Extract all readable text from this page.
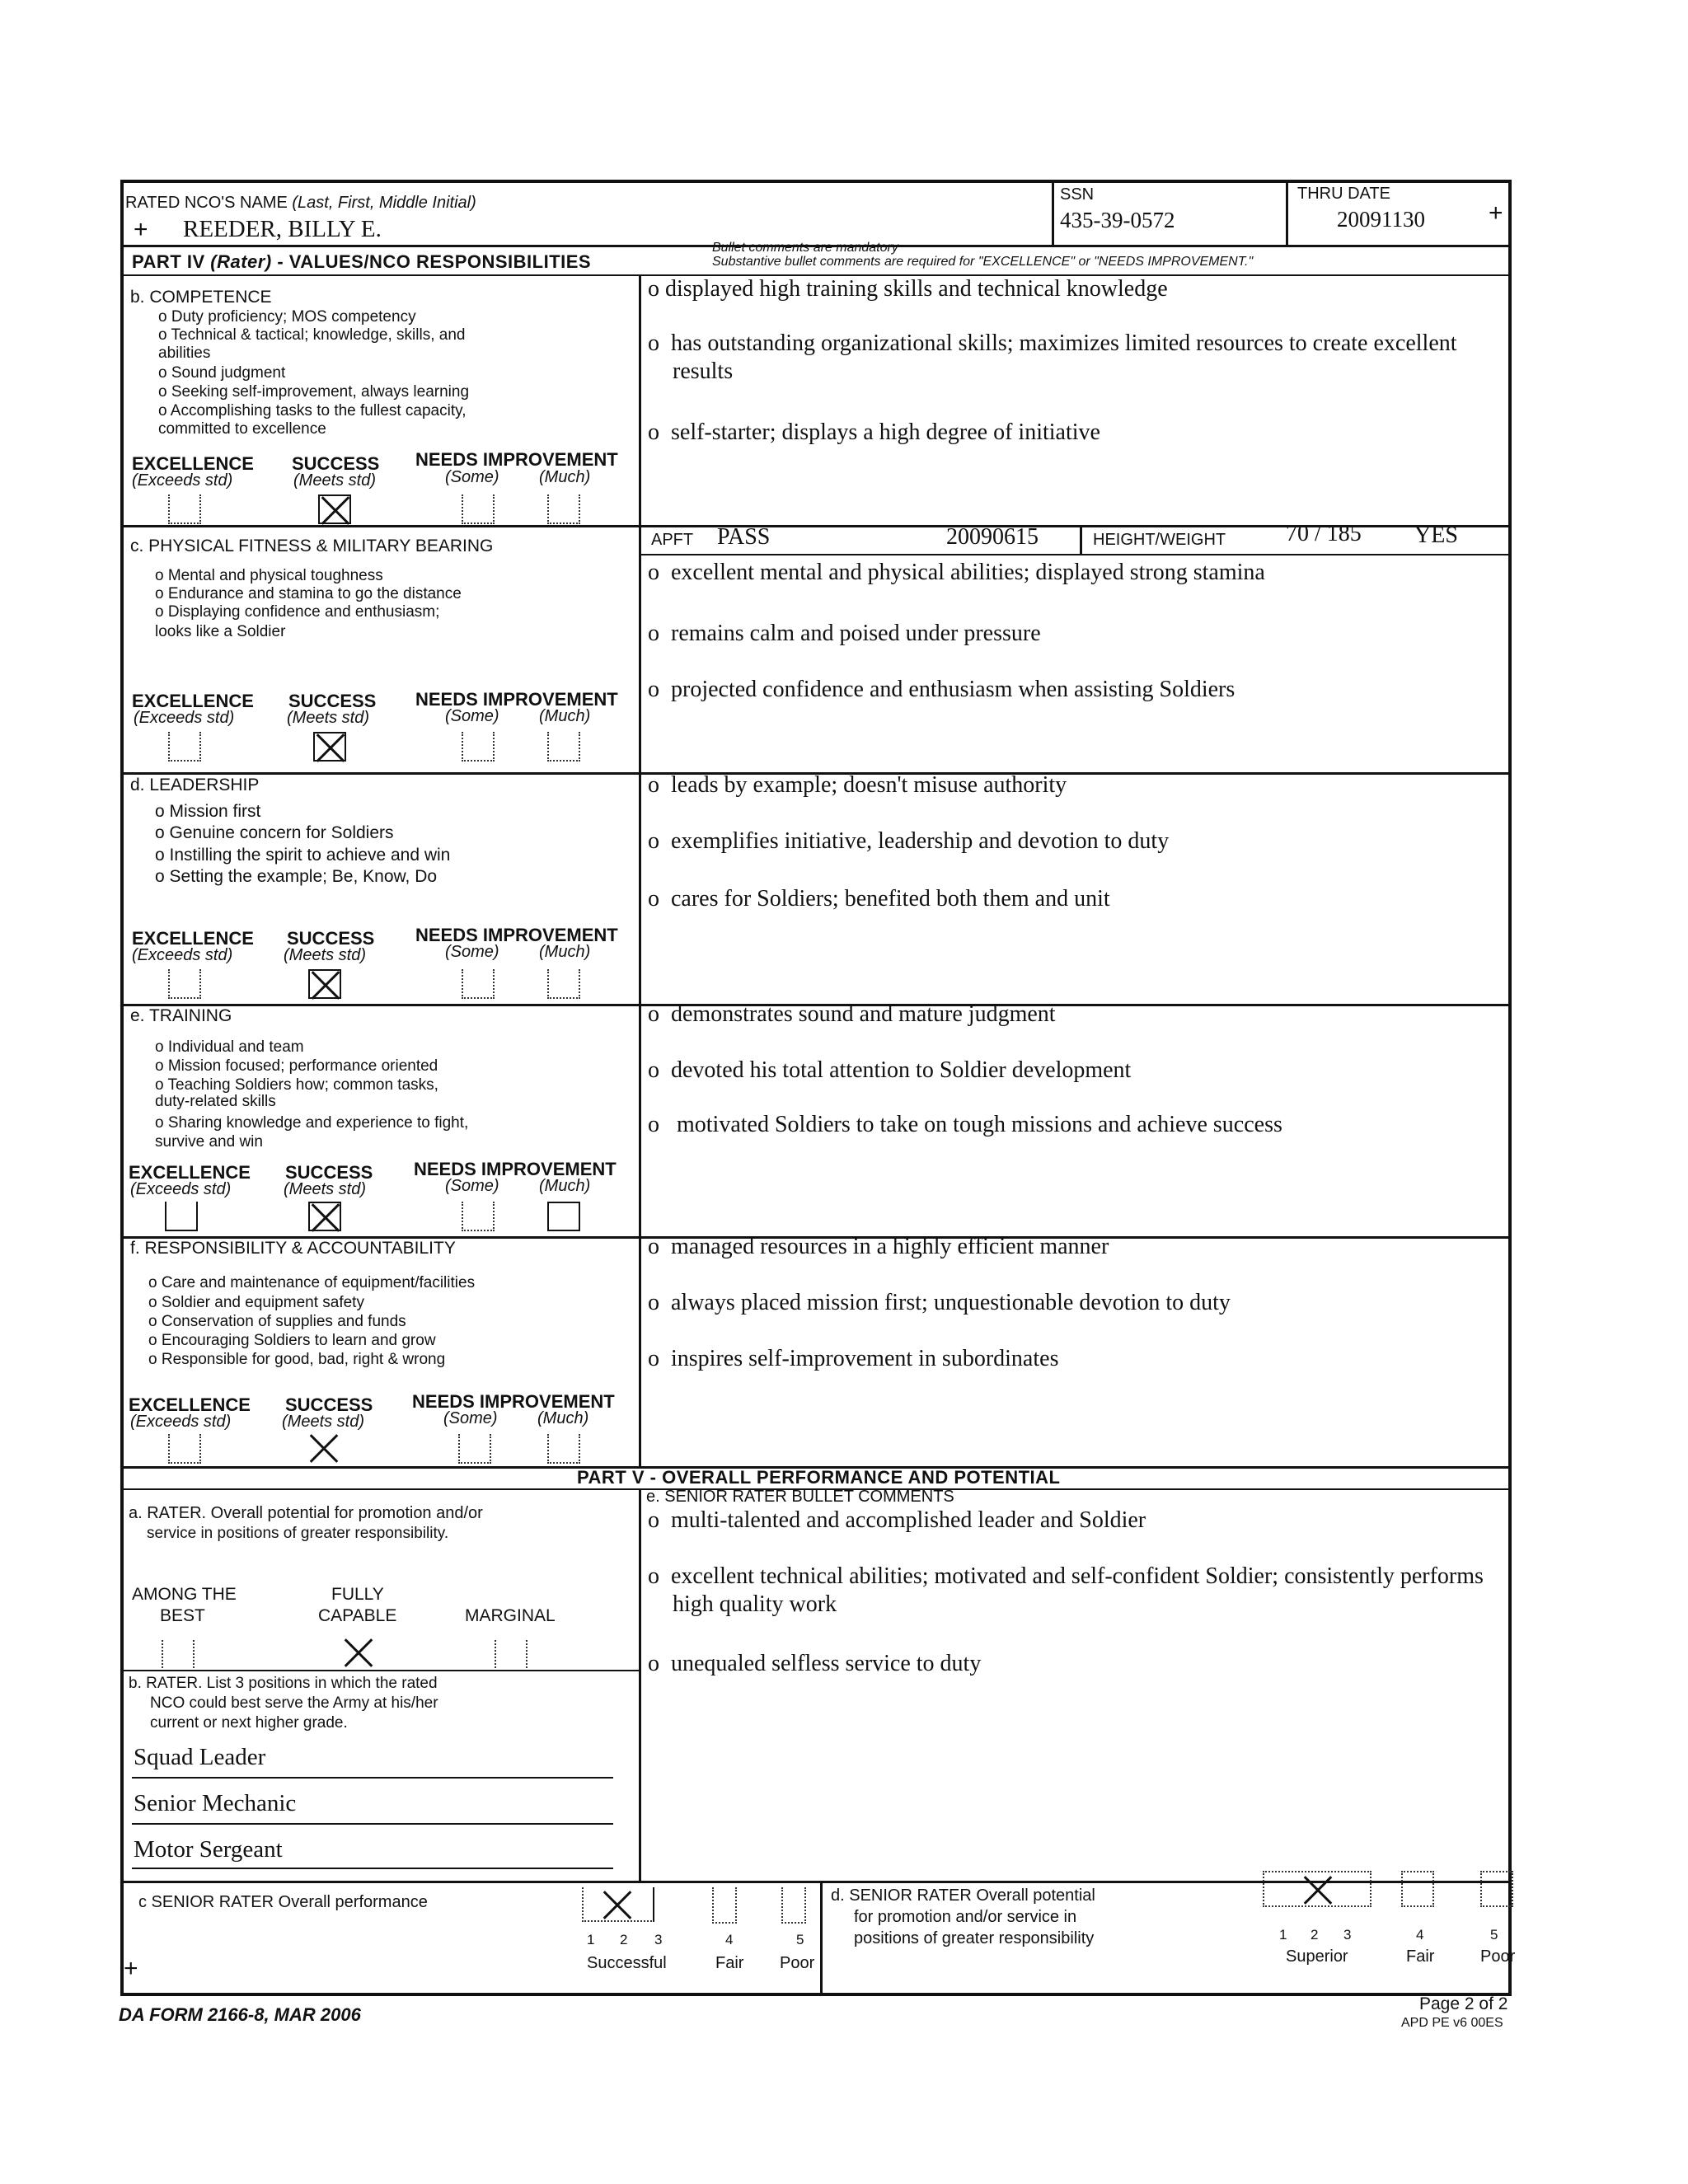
RATED NCO'S NAME (Last, First, Middle Initial)
+ REEDER, BILLY E.
SSN
435-39-0572
THRU DATE
20091130	+
PART IV (Rater) - VALUES/NCO RESPONSIBILITIES
Bullet comments are mandatory
Substantive bullet comments are required for "EXCELLENCE" or "NEEDS IMPROVEMENT."
b. COMPETENCE
o Duty proficiency; MOS competency
o Technical & tactical; knowledge, skills, and
abilities
o Sound judgment
o Seeking self-improvement, always learning
o Accomplishing tasks to the fullest capacity,
committed to excellence
EXCELLENCE
(Exceeds std)
SUCCESS
(Meets std)
NEEDS IMPROVEMENT
(Some) (Much)
o displayed high training skills and technical knowledge
o  has outstanding organizational skills; maximizes limited resources to create excellent results
o  self-starter; displays a high degree of initiative
c. PHYSICAL FITNESS & MILITARY BEARING
o Mental and physical toughness
o Endurance and stamina to go the distance
o Displaying confidence and enthusiasm;
looks like a Soldier
EXCELLENCE
(Exceeds std)
SUCCESS
(Meets std)
NEEDS IMPROVEMENT
(Some) (Much)
APFT PASS	20090615	HEIGHT/WEIGHT	70 / 185 YES
o  excellent mental and physical abilities; displayed strong stamina
o  remains calm and poised under pressure
o  projected confidence and enthusiasm when assisting Soldiers
d. LEADERSHIP
o Mission first
o Genuine concern for Soldiers
o Instilling the spirit to achieve and win
o Setting the example; Be, Know, Do
EXCELLENCE
(Exceeds std)
SUCCESS
(Meets std)
NEEDS IMPROVEMENT
(Some) (Much)
o  leads by example; doesn't misuse authority
o  exemplifies initiative, leadership and devotion to duty
o  cares for Soldiers; benefited both them and unit
e. TRAINING
o Individual and team
o Mission focused; performance oriented
o Teaching Soldiers how; common tasks,
duty-related skills
o Sharing knowledge and experience to fight,
survive and win
EXCELLENCE
(Exceeds std)
SUCCESS
(Meets std)
NEEDS IMPROVEMENT
(Some) (Much)
o  demonstrates sound and mature judgment
o  devoted his total attention to Soldier development
o   motivated Soldiers to take on tough missions and achieve success
f. RESPONSIBILITY & ACCOUNTABILITY
o Care and maintenance of equipment/facilities
o Soldier and equipment safety
o Conservation of supplies and funds
o Encouraging Soldiers to learn and grow
o Responsible for good, bad, right & wrong
EXCELLENCE
(Exceeds std)
SUCCESS
(Meets std)
NEEDS IMPROVEMENT
(Some) (Much)
o  managed resources in a highly efficient manner
o  always placed mission first; unquestionable devotion to duty
o  inspires self-improvement in subordinates
PART V - OVERALL PERFORMANCE AND POTENTIAL
a. RATER. Overall potential for promotion and/or
service in positions of greater responsibility.
AMONG THE
BEST
FULLY
CAPABLE	MARGINAL
b. RATER. List 3 positions in which the rated
NCO could best serve the Army at his/her
current or next higher grade.
Squad Leader
Senior Mechanic
Motor Sergeant
e. SENIOR RATER BULLET COMMENTS
o  multi-talented and accomplished leader and Soldier
o  excellent technical abilities; motivated and self-confident Soldier; consistently performs high quality work
o  unequaled selfless service to duty
c SENIOR RATER Overall performance
1 2 3	4	5
Successful	Fair Poor
+
d. SENIOR RATER Overall potential
for promotion and/or service in
positions of greater responsibility	1 2 3	4	5
Superior	Fair	Poor
DA FORM 2166-8, MAR 2006
Page 2 of 2
APD PE v6 00ES
